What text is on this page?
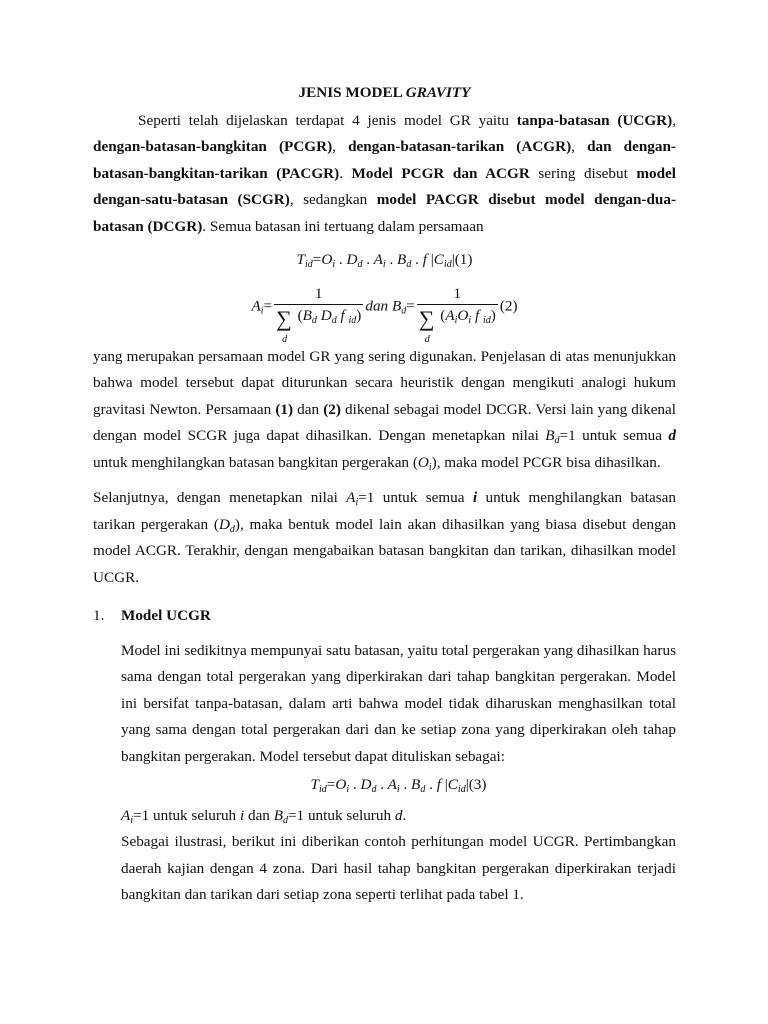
JENIS MODEL GRAVITY

Seperti telah dijelaskan terdapat 4 jenis model GR yaitu tanpa-batasan (UCGR), dengan-batasan-bangkitan (PCGR), dengan-batasan-tarikan (ACGR), dan dengan-batasan-bangkitan-tarikan (PACGR). Model PCGR dan ACGR sering disebut model dengan-satu-batasan (SCGR), sedangkan model PACGR disebut model dengan-dua-batasan (DCGR). Semua batasan ini tertuang dalam persamaan

$T_{id}=O_i$ . $D_d$ . $A_i$ . $B_d$ . f $|C_{id}|(1)$
$A_i= 1$
∑
d
($B_d$ $D_d$ f $_{id}$) dan $B_d= 1$
∑
d
($A_iO_i$ f $_{id}$) (2)

yang merupakan persamaan model GR yang sering digunakan. Penjelasan di atas menunjukkan bahwa model tersebut dapat diturunkan secara heuristik dengan mengikuti analogi hukum gravitasi Newton. Persamaan (1) dan (2) dikenal sebagai model DCGR. Versi lain yang dikenal dengan model SCGR juga dapat dihasilkan. Dengan menetapkan nilai $B_d=1$ untuk semua d untuk menghilangkan batasan bangkitan pergerakan $(O_i)$, maka model PCGR bisa dihasilkan.

Selanjutnya, dengan menetapkan nilai $A_i=1$ untuk semua i untuk menghilangkan batasan tarikan pergerakan $(D_d)$, maka bentuk model lain akan dihasilkan yang biasa disebut dengan model ACGR. Terakhir, dengan mengabaikan batasan bangkitan dan tarikan, dihasilkan model UCGR.

1. Model UCGR

Model ini sedikitnya mempunyai satu batasan, yaitu total pergerakan yang dihasilkan harus sama dengan total pergerakan yang diperkirakan dari tahap bangkitan pergerakan. Model ini bersifat tanpa-batasan, dalam arti bahwa model tidak diharuskan menghasilkan total yang sama dengan total pergerakan dari dan ke setiap zona yang diperkirakan oleh tahap bangkitan pergerakan. Model tersebut dapat dituliskan sebagai:

$T_{id}=O_i$ . $D_d$ . $A_i$ . $B_d$ . f $|C_{id}|(3)$

$A_i=1$ untuk seluruh i dan $B_d=1$ untuk seluruh d.

Sebagai ilustrasi, berikut ini diberikan contoh perhitungan model UCGR. Pertimbangkan daerah kajian dengan 4 zona. Dari hasil tahap bangkitan pergerakan diperkirakan terjadi bangkitan dan tarikan dari setiap zona seperti terlihat pada tabel 1.
